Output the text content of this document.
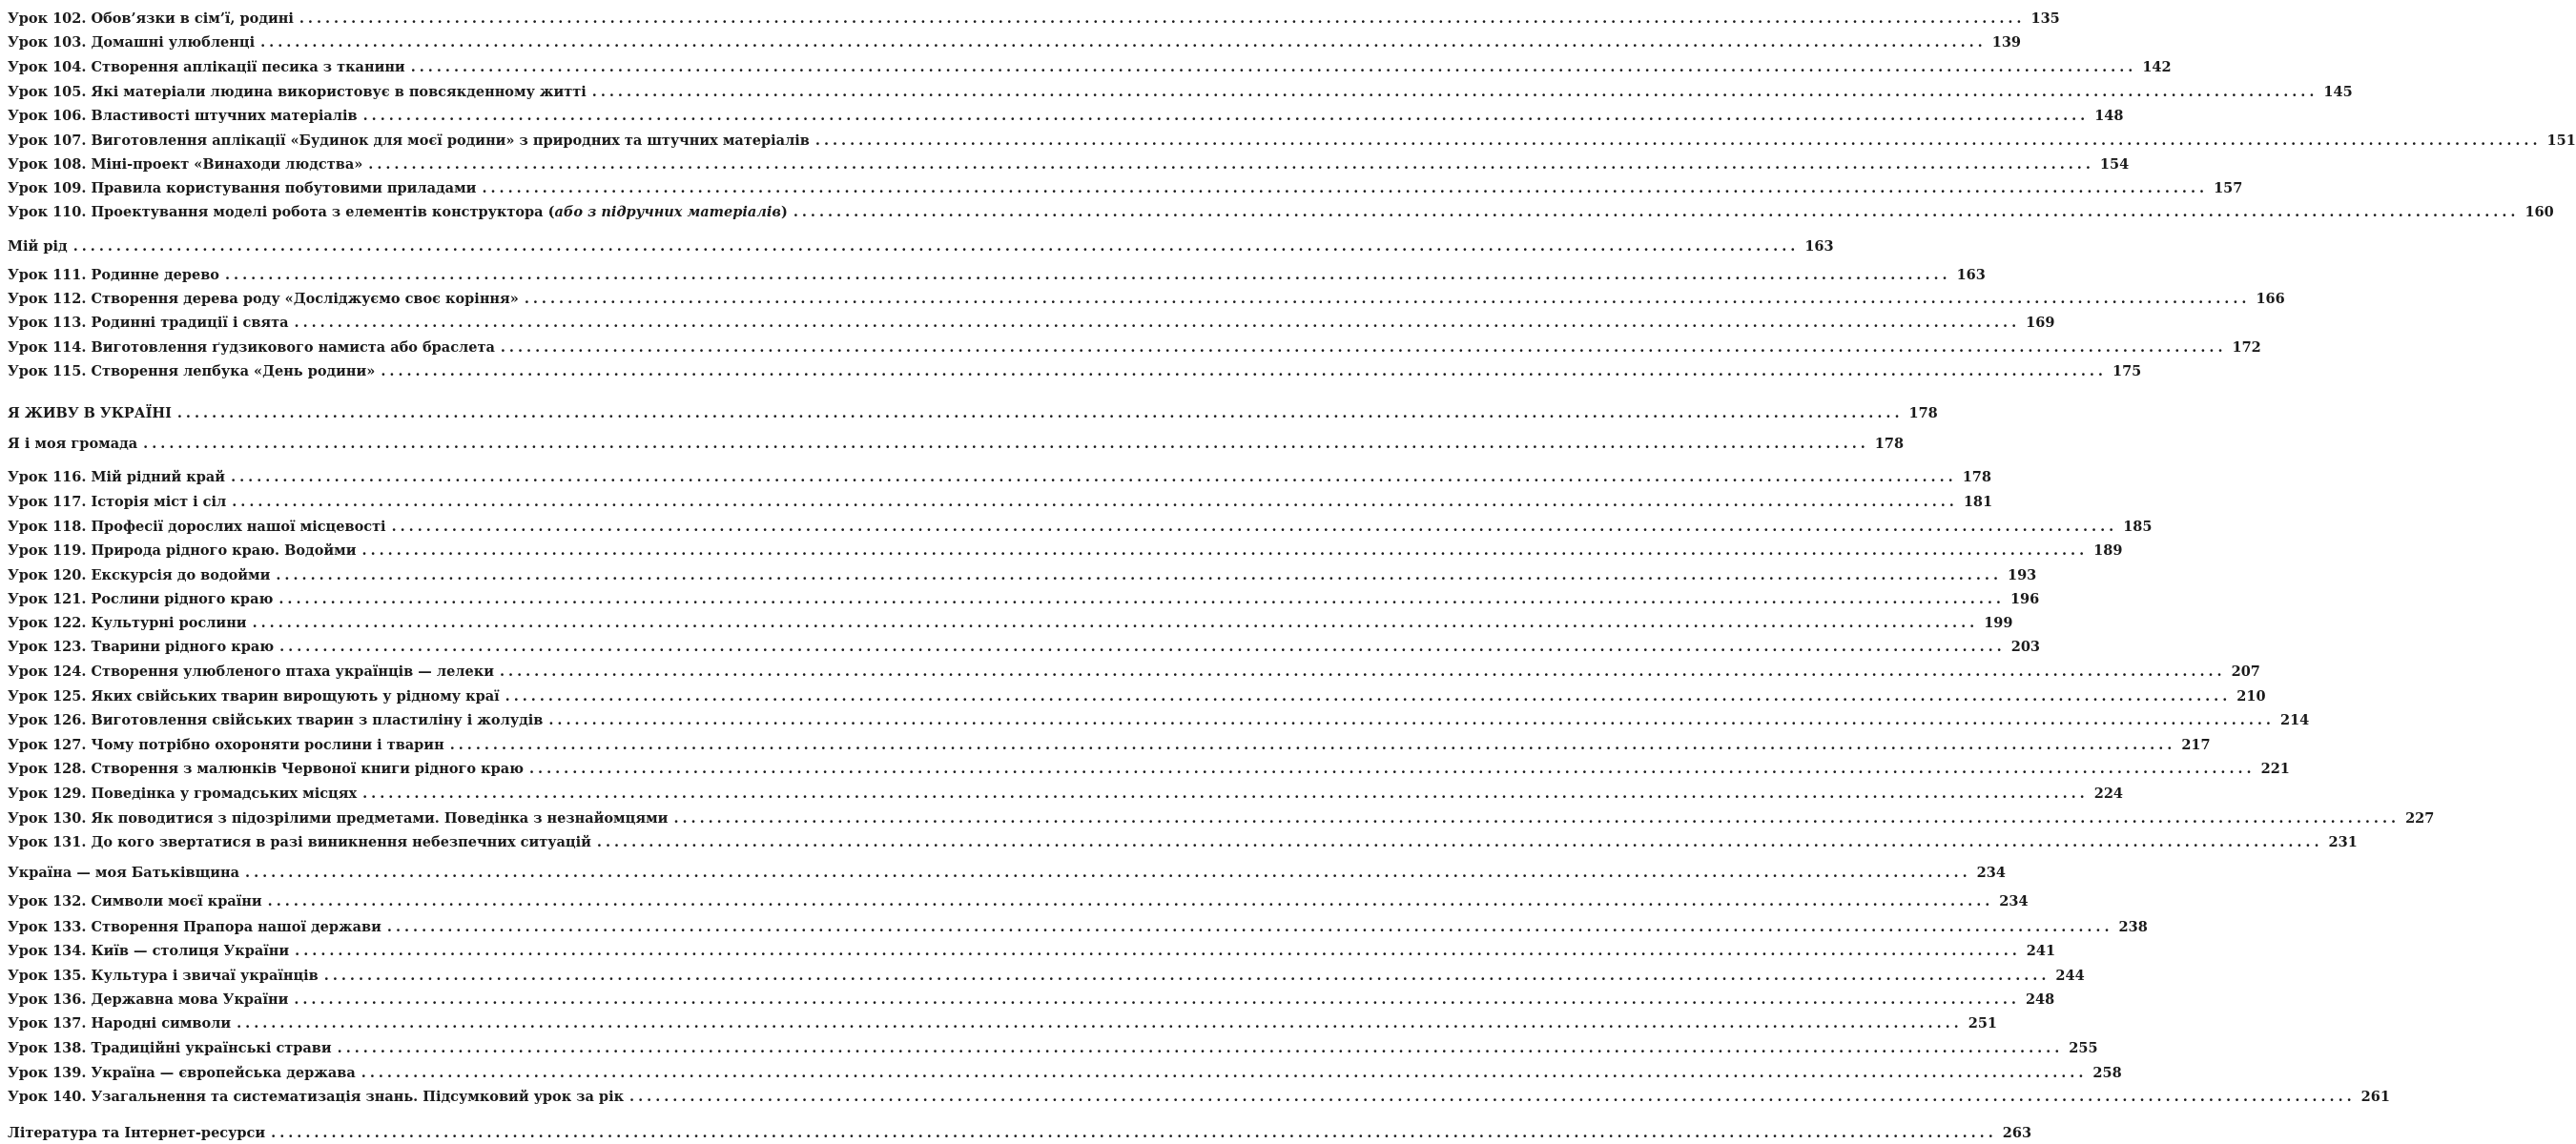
Урок 102. Обов’язки в сім’ї, родині ........................................................................................................................................................................................................ 135
Урок 103. Домашні улюбленці ........................................................................................................................................................................................................ 139
Урок 104. Створення аплікації песика з тканини ........................................................................................................................................................................................................ 142
Урок 105. Які матеріали людина використовує в повсякденному житті ........................................................................................................................................................................................................ 145
Урок 106. Властивості штучних матеріалів ........................................................................................................................................................................................................ 148
Урок 107. Виготовлення аплікації «Будинок для моєї родини» з природних та штучних матеріалів ........................................................................................................................................................................................................ 151
Урок 108. Міні-проект «Винаходи людства» ........................................................................................................................................................................................................ 154
Урок 109. Правила користування побутовими приладами ........................................................................................................................................................................................................ 157
Урок 110. Проектування моделі робота з елементів конструктора (або з підручних матеріалів) ........................................................................................................................................................................................................ 160
Мій рід ........................................................................................................................................................................................................ 163
Урок 111. Родинне дерево ........................................................................................................................................................................................................ 163
Урок 112. Створення дерева роду «Досліджуємо своє коріння» ........................................................................................................................................................................................................ 166
Урок 113. Родинні традиції і свята ........................................................................................................................................................................................................ 169
Урок 114. Виготовлення ґудзикового намиста або браслета ........................................................................................................................................................................................................ 172
Урок 115. Створення лепбука «День родини» ........................................................................................................................................................................................................ 175
Я ЖИВУ В УКРАЇНІ ........................................................................................................................................................................................................ 178
Я і моя громада ........................................................................................................................................................................................................ 178
Урок 116. Мій рідний край ........................................................................................................................................................................................................ 178
Урок 117. Історія міст і сіл ........................................................................................................................................................................................................ 181
Урок 118. Професії дорослих нашої місцевості ........................................................................................................................................................................................................ 185
Урок 119. Природа рідного краю. Водойми ........................................................................................................................................................................................................ 189
Урок 120. Екскурсія до водойми ........................................................................................................................................................................................................ 193
Урок 121. Рослини рідного краю ........................................................................................................................................................................................................ 196
Урок 122. Культурні рослини ........................................................................................................................................................................................................ 199
Урок 123. Тварини рідного краю ........................................................................................................................................................................................................ 203
Урок 124. Створення улюбленого птаха українців — лелеки ........................................................................................................................................................................................................ 207
Урок 125. Яких свійських тварин вирощують у рідному краї ........................................................................................................................................................................................................ 210
Урок 126. Виготовлення свійських тварин з пластиліну і жолудів ........................................................................................................................................................................................................ 214
Урок 127. Чому потрібно охороняти рослини і тварин ........................................................................................................................................................................................................ 217
Урок 128. Створення з малюнків Червоної книги рідного краю ........................................................................................................................................................................................................ 221
Урок 129. Поведінка у громадських місцях ........................................................................................................................................................................................................ 224
Урок 130. Як поводитися з підозрілими предметами. Поведінка з незнайомцями ........................................................................................................................................................................................................ 227
Урок 131. До кого звертатися в разі виникнення небезпечних ситуацій ........................................................................................................................................................................................................ 231
Україна — моя Батьківщина ........................................................................................................................................................................................................ 234
Урок 132. Символи моєї країни ........................................................................................................................................................................................................ 234
Урок 133. Створення Прапора нашої держави ........................................................................................................................................................................................................ 238
Урок 134. Київ — столиця України ........................................................................................................................................................................................................ 241
Урок 135. Культура і звичаї українців ........................................................................................................................................................................................................ 244
Урок 136. Державна мова України ........................................................................................................................................................................................................ 248
Урок 137. Народні символи ........................................................................................................................................................................................................ 251
Урок 138. Традиційні українські страви ........................................................................................................................................................................................................ 255
Урок 139. Україна — європейська держава ........................................................................................................................................................................................................ 258
Урок 140. Узагальнення та систематизація знань. Підсумковий урок за рік ........................................................................................................................................................................................................ 261
Література та Інтернет-ресурси ........................................................................................................................................................................................................ 263
